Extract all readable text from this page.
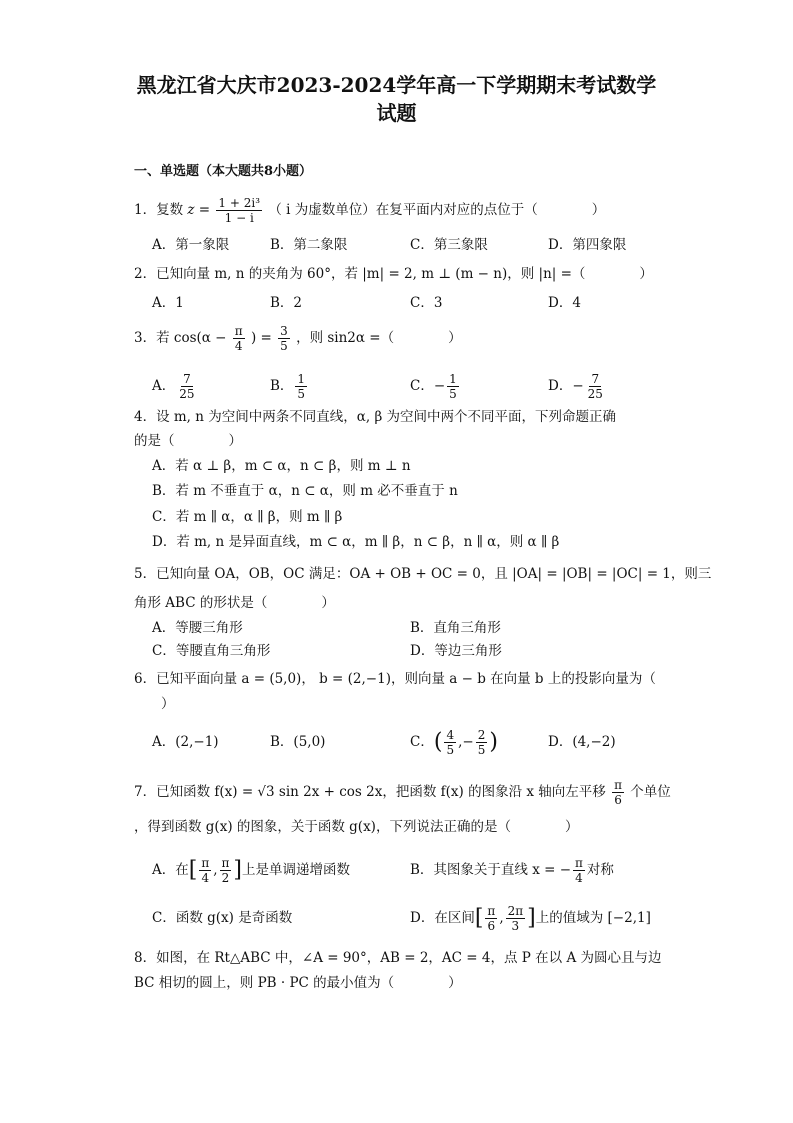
黑龙江省大庆市2023-2024学年高一下学期期末考试数学
试题
一、单选题（本大题共8小题）
1．复数 $z = \frac{\text{1 + 2i³}}{1 - i}$ （ i 为虚数单位）在复平面内对应的点位于（　　　　）
A．第一象限	B．第二象限	C．第三象限	D．第四象限
2．已知向量 m, n 的夹角为 60°，若 |m| = 2, m ⊥ (m − n)，则 |n| =（　　　　）
A．1	B．2	C．3	D．4
3．若 $\cos(\alpha - \frac{\pi}{4}$ ) = $\frac{3}{5}$ ，则 sin2α =（　　　　）
A． $\frac{7}{25}$	B． $\frac{1}{5}$	C．− $\frac{1}{5}$	D．− $\frac{7}{25}$
4．设 m, n 为空间中两条不同直线，α, β 为空间中两个不同平面，下列命题正确
的是（　　　　）
A．若 α ⊥ β，m ⊂ α，n ⊂ β，则 m ⊥ n
B．若 m 不垂直于 α，n ⊂ α，则 m 必不垂直于 n
C．若 m ∥ α，α ∥ β，则 m ∥ β
D．若 m, n 是异面直线，m ⊂ α，m ∥ β，n ⊂ β，n ∥ α，则 α ∥ β
5．已知向量 OA，OB，OC 满足：OA + OB + OC = 0，且 |OA| = |OB| = |OC| = 1，则三
角形 ABC 的形状是（　　　　）
A．等腰三角形	B．直角三角形
C．等腰直角三角形	D．等边三角形
6．已知平面向量 a = (5,0)， b = (2,−1)，则向量 a − b 在向量 b 上的投影向量为（
　　）
A．(2,−1)	B．(5,0)	C．( $\frac{4}{5}$ ,− $\frac{2}{5}$ )	D．(4,−2)
7．已知函数 f(x) = √3 sin 2x + cos 2x，把函数 f(x) 的图象沿 x 轴向左平移 $\frac{\pi}{6}$ 个单位
，得到函数 g(x) 的图象，关于函数 g(x)，下列说法正确的是（　　　　）
A．在[ $\frac{\pi}{4}$ , $\frac{\pi}{2}$ ]上是单调递增函数	B．其图象关于直线 x = − $\frac{\pi}{4}$ 对称
C．函数 g(x) 是奇函数	D．在区间[ $\frac{\pi}{6}$ , $\frac{2\pi}{3}$ ]上的值域为 [−2,1]
8．如图，在 Rt△ABC 中，∠A = 90°，AB = 2，AC = 4，点 P 在以 A 为圆心且与边
BC 相切的圆上，则 PB · PC 的最小值为（　　　　）
